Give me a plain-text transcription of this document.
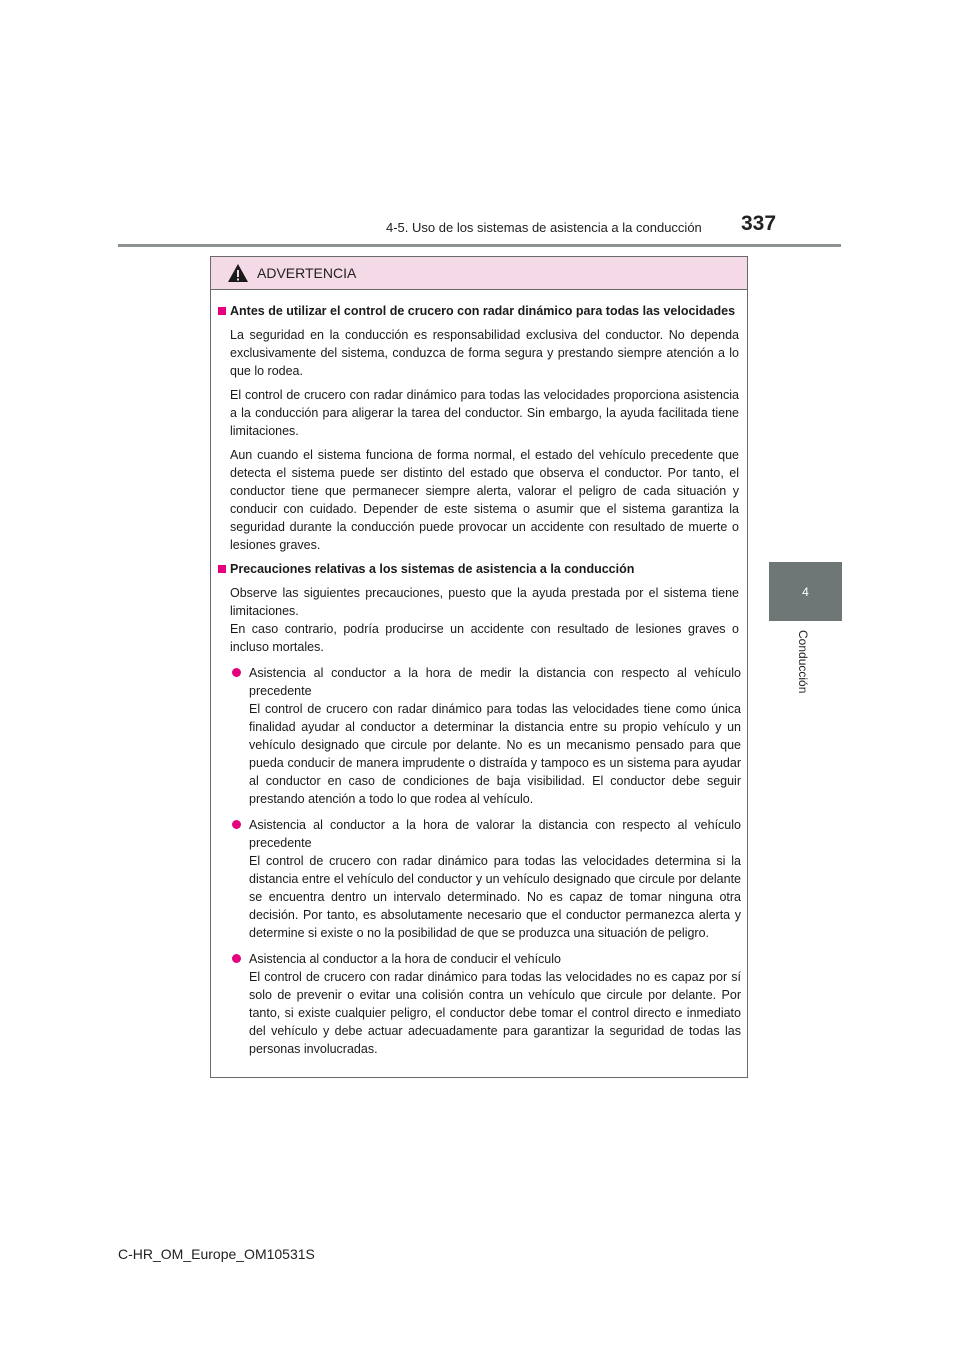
4-5. Uso de los sistemas de asistencia a la conducción 337
4
Conducción
ADVERTENCIA
Antes de utilizar el control de crucero con radar dinámico para todas las velocidades

La seguridad en la conducción es responsabilidad exclusiva del conductor. No dependa exclusivamente del sistema, conduzca de forma segura y prestando siempre atención a lo que lo rodea.

El control de crucero con radar dinámico para todas las velocidades proporciona asistencia a la conducción para aligerar la tarea del conductor. Sin embargo, la ayuda facilitada tiene limitaciones.

Aun cuando el sistema funciona de forma normal, el estado del vehículo precedente que detecta el sistema puede ser distinto del estado que observa el conductor. Por tanto, el conductor tiene que permanecer siempre alerta, valorar el peligro de cada situación y conducir con cuidado. Depender de este sistema o asumir que el sistema garantiza la seguridad durante la conducción puede provocar un accidente con resultado de muerte o lesiones graves.

Precauciones relativas a los sistemas de asistencia a la conducción

Observe las siguientes precauciones, puesto que la ayuda prestada por el sistema tiene limitaciones.

En caso contrario, podría producirse un accidente con resultado de lesiones graves o incluso mortales.

Asistencia al conductor a la hora de medir la distancia con respecto al vehículo precedente
El control de crucero con radar dinámico para todas las velocidades tiene como única finalidad ayudar al conductor a determinar la distancia entre su propio vehículo y un vehículo designado que circule por delante. No es un mecanismo pensado para que pueda conducir de manera imprudente o distraída y tampoco es un sistema para ayudar al conductor en caso de condiciones de baja visibilidad. El conductor debe seguir prestando atención a todo lo que rodea al vehículo.
Asistencia al conductor a la hora de valorar la distancia con respecto al vehículo precedente
El control de crucero con radar dinámico para todas las velocidades determina si la distancia entre el vehículo del conductor y un vehículo designado que circule por delante se encuentra dentro un intervalo determinado. No es capaz de tomar ninguna otra decisión. Por tanto, es absolutamente necesario que el conductor permanezca alerta y determine si existe o no la posibilidad de que se produzca una situación de peligro.
Asistencia al conductor a la hora de conducir el vehículo
El control de crucero con radar dinámico para todas las velocidades no es capaz por sí solo de prevenir o evitar una colisión contra un vehículo que circule por delante. Por tanto, si existe cualquier peligro, el conductor debe tomar el control directo e inmediato del vehículo y debe actuar adecuadamente para garantizar la seguridad de todas las personas involucradas.
C-HR_OM_Europe_OM10531S
